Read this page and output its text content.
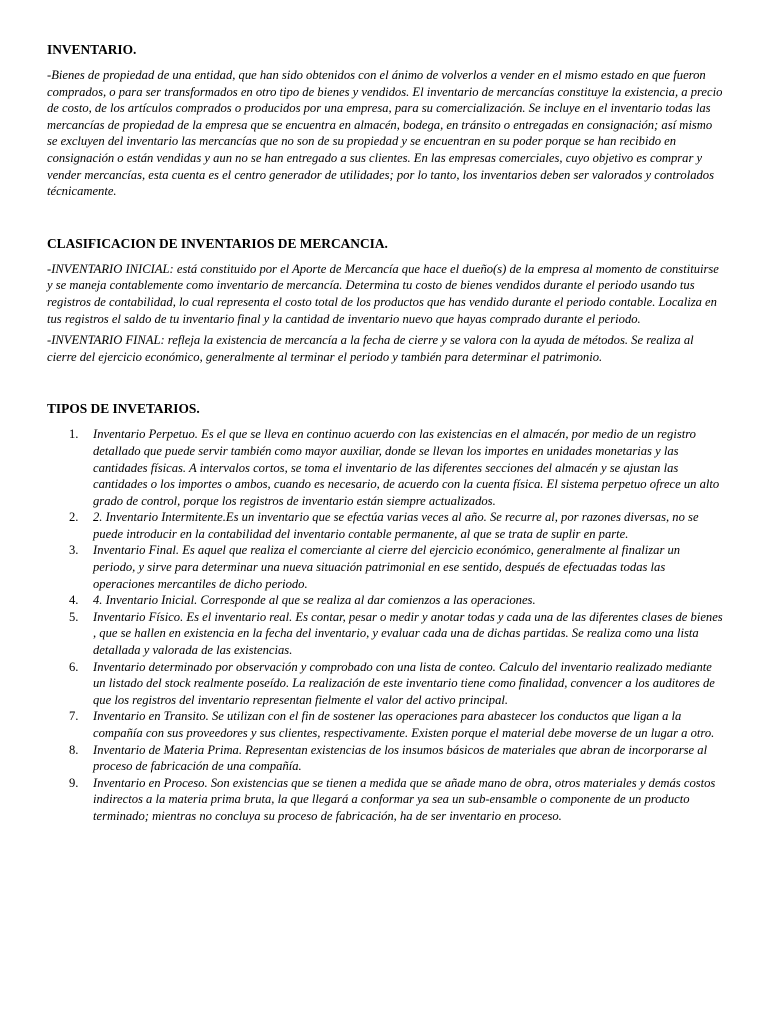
INVENTARIO.

-Bienes de propiedad de una entidad, que han sido obtenidos con el ánimo de volverlos a vender en el mismo estado en que fueron comprados, o para ser transformados en otro tipo de bienes y vendidos. El inventario de mercancías constituye la existencia, a precio de costo, de los artículos comprados o producidos por una empresa, para su comercialización. Se incluye en el inventario todas las mercancías de propiedad de la empresa que se encuentra en almacén, bodega, en tránsito o entregadas en consignación; así mismo se excluyen del inventario las mercancías que no son de su propiedad y se encuentran en su poder porque se han recibido en consignación o están vendidas y aun no se han entregado a sus clientes. En las empresas comerciales, cuyo objetivo es comprar y vender mercancías, esta cuenta es el centro generador de utilidades; por lo tanto, los inventarios deben ser valorados y controlados técnicamente.

CLASIFICACION DE INVENTARIOS DE MERCANCIA.

-INVENTARIO INICIAL: está constituido por el Aporte de Mercancía que hace el dueño(s) de la empresa al momento de constituirse y se maneja contablemente como inventario de mercancía. Determina tu costo de bienes vendidos durante el periodo usando tus registros de contabilidad, lo cual representa el costo total de los productos que has vendido durante el periodo contable. Localiza en tus registros el saldo de tu inventario final y la cantidad de inventario nuevo que hayas comprado durante el periodo.

-INVENTARIO FINAL: refleja la existencia de mercancía a la fecha de cierre y se valora con la ayuda de métodos. Se realiza al cierre del ejercicio económico, generalmente al terminar el periodo y también para determinar el patrimonio.

TIPOS DE INVETARIOS.
1.	Inventario Perpetuo. Es el que se lleva en continuo acuerdo con las existencias en el almacén, por medio de un registro detallado que puede servir también como mayor auxiliar, donde se llevan los importes en unidades monetarias y las cantidades físicas. A intervalos cortos, se toma el inventario de las diferentes secciones del almacén y se ajustan las cantidades o los importes o ambos, cuando es necesario, de acuerdo con la cuenta física. El sistema perpetuo ofrece un alto grado de control, porque los registros de inventario están siempre actualizados.
2.	2. Inventario Intermitente.Es un inventario que se efectúa varias veces al año. Se recurre al, por razones diversas, no se puede introducir en la contabilidad del inventario contable permanente, al que se trata de suplir en parte.
3.	Inventario Final. Es aquel que realiza el comerciante al cierre del ejercicio económico, generalmente al finalizar un periodo, y sirve para determinar una nueva situación patrimonial en ese sentido, después de efectuadas todas las operaciones mercantiles de dicho periodo.
4.	4. Inventario Inicial. Corresponde al que se realiza al dar comienzos a las operaciones.
5.	Inventario Físico. Es el inventario real. Es contar, pesar o medir y anotar todas y cada una de las diferentes clases de bienes , que se hallen en existencia en la fecha del inventario, y evaluar cada una de dichas partidas. Se realiza como una lista detallada y valorada de las existencias.
6.	Inventario determinado por observación y comprobado con una lista de conteo. Calculo del inventario realizado mediante un listado del stock realmente poseído. La realización de este inventario tiene como finalidad, convencer a los auditores de que los registros del inventario representan fielmente el valor del activo principal.
7.	Inventario en Transito. Se utilizan con el fin de sostener las operaciones para abastecer los conductos que ligan a la compañía con sus proveedores y sus clientes, respectivamente. Existen porque el material debe moverse de un lugar a otro.
8.	Inventario de Materia Prima. Representan existencias de los insumos básicos de materiales que abran de incorporarse al proceso de fabricación de una compañía.
9.	Inventario en Proceso. Son existencias que se tienen a medida que se añade mano de obra, otros materiales y demás costos indirectos a la materia prima bruta, la que llegará a conformar ya sea un sub-ensamble o componente de un producto terminado; mientras no concluya su proceso de fabricación, ha de ser inventario en proceso.
